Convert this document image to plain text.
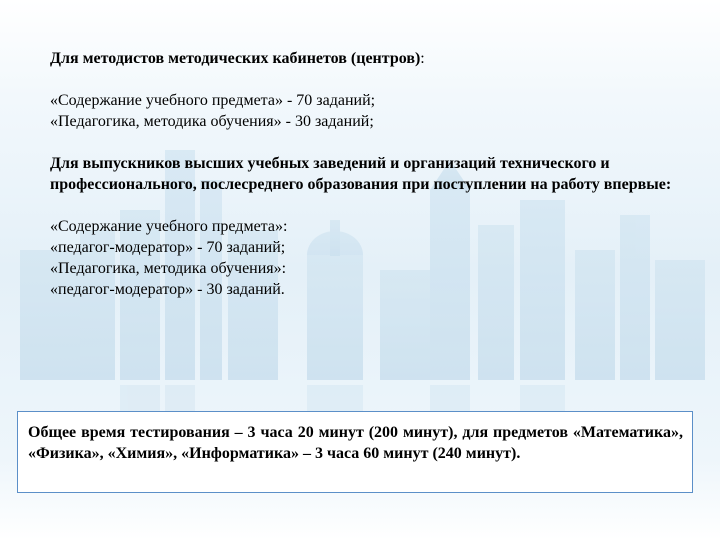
Для методистов методических кабинетов (центров):

«Содержание учебного предмета» - 70 заданий;

«Педагогика, методика обучения» - 30 заданий;

Для выпускников высших учебных заведений и организаций технического и профессионального, послесреднего образования при поступлении на работу впервые:

«Содержание учебного предмета»:

«педагог-модератор» - 70 заданий;

«Педагогика, методика обучения»:

«педагог-модератор» - 30 заданий.

Общее время тестирования – 3 часа 20 минут (200 минут), для предметов «Математика», «Физика», «Химия», «Информатика» – 3 часа 60 минут (240 минут).
